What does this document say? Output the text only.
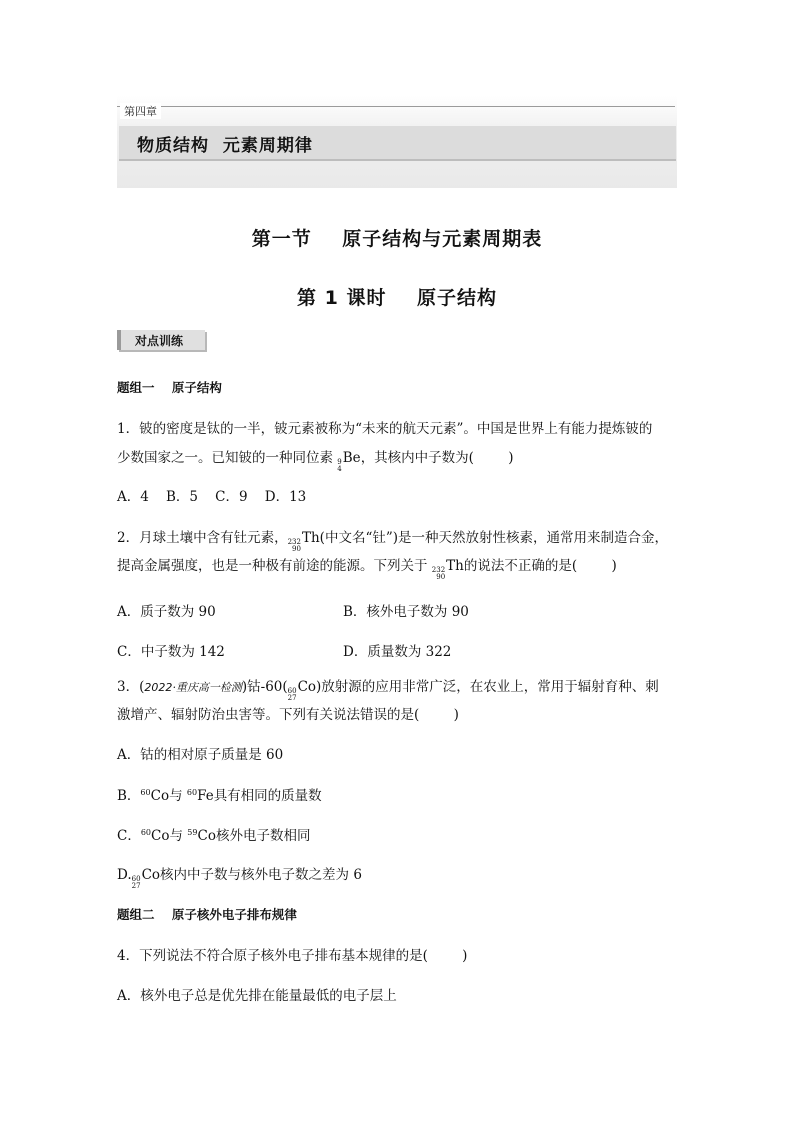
第四章
物质结构  元素周期律
第一节    原子结构与元素周期表
第 1 课时    原子结构
对点训练
题组一    原子结构
1．铍的密度是钛的一半，铍元素被称为“未来的航天元素”。中国是世界上有能力提炼铍的
少数国家之一。已知铍的一种同位素 9
4
Be，其核内中子数为(        )
A．4    B．5    C．9    D．13
2．月球土壤中含有钍元素， 232
90
Th(中文名“钍”)是一种天然放射性核素，通常用来制造合金，
提高金属强度，也是一种极有前途的能源。下列关于 232
90
Th的说法不正确的是(        )
A．质子数为 90	B．核外电子数为 90
C．中子数为 142	D．质量数为 322
3．(2022·重庆高一检测)钴-60( 60
27
Co)放射源的应用非常广泛，在农业上，常用于辐射育种、刺
激增产、辐射防治虫害等。下列有关说法错误的是(        )
A．钴的相对原子质量是 60
B．$^{60}$Co与 $^{60}$Fe具有相同的质量数
C．$^{60}$Co与 $^{59}$Co核外电子数相同
D. 60
27
Co核内中子数与核外电子数之差为 6
题组二    原子核外电子排布规律
4．下列说法不符合原子核外电子排布基本规律的是(        )
A．核外电子总是优先排在能量最低的电子层上
